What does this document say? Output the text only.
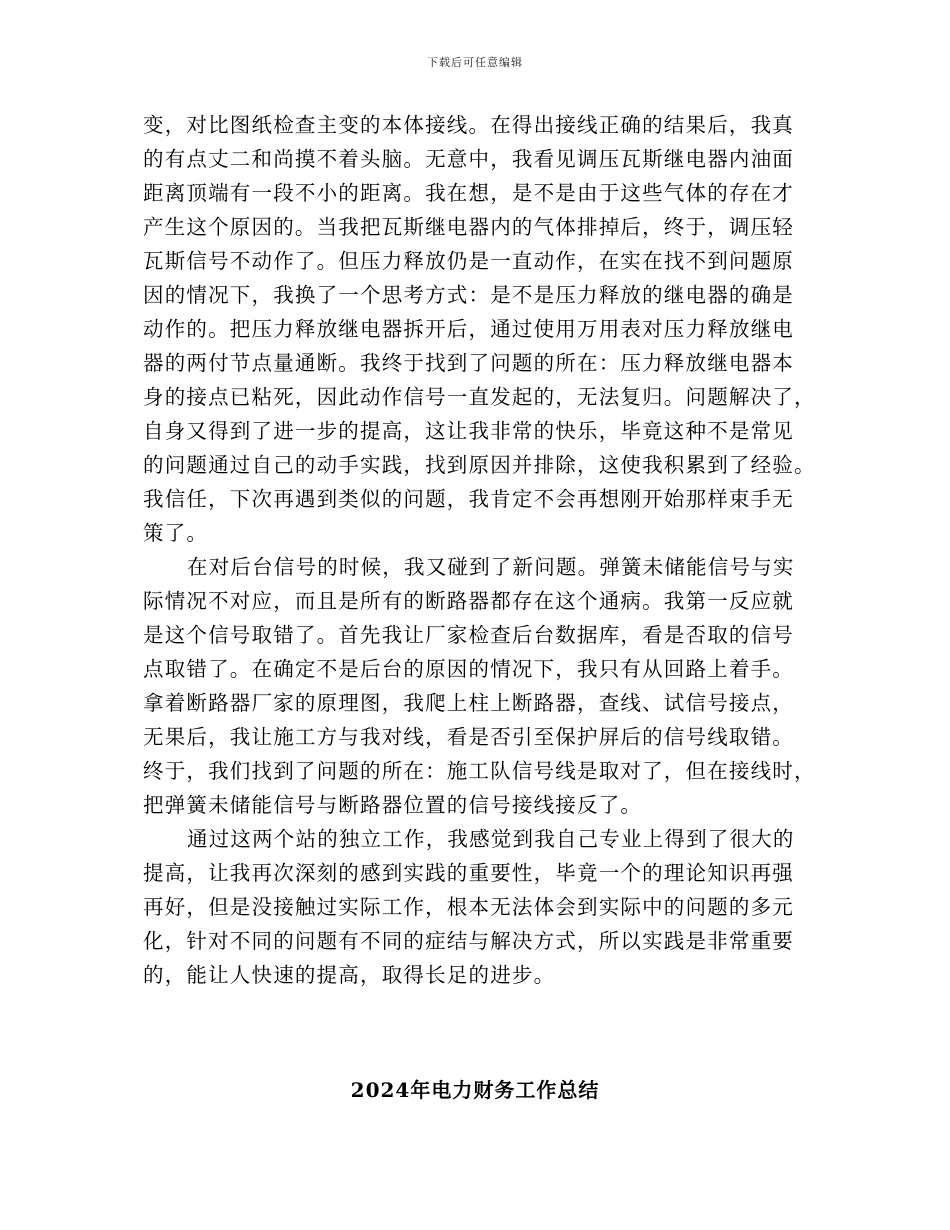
下载后可任意编辑
变，对比图纸检查主变的本体接线。在得出接线正确的结果后，我真
的有点丈二和尚摸不着头脑。无意中，我看见调压瓦斯继电器内油面
距离顶端有一段不小的距离。我在想，是不是由于这些气体的存在才
产生这个原因的。当我把瓦斯继电器内的气体排掉后，终于，调压轻
瓦斯信号不动作了。但压力释放仍是一直动作，在实在找不到问题原
因的情况下，我换了一个思考方式：是不是压力释放的继电器的确是
动作的。把压力释放继电器拆开后，通过使用万用表对压力释放继电
器的两付节点量通断。我终于找到了问题的所在：压力释放继电器本
身的接点已粘死，因此动作信号一直发起的，无法复归。问题解决了，
自身又得到了进一步的提高，这让我非常的快乐，毕竟这种不是常见
的问题通过自己的动手实践，找到原因并排除，这使我积累到了经验。
我信任，下次再遇到类似的问题，我肯定不会再想刚开始那样束手无
策了。
在对后台信号的时候，我又碰到了新问题。弹簧未储能信号与实
际情况不对应，而且是所有的断路器都存在这个通病。我第一反应就
是这个信号取错了。首先我让厂家检查后台数据库，看是否取的信号
点取错了。在确定不是后台的原因的情况下，我只有从回路上着手。
拿着断路器厂家的原理图，我爬上柱上断路器，查线、试信号接点，
无果后，我让施工方与我对线，看是否引至保护屏后的信号线取错。
终于，我们找到了问题的所在：施工队信号线是取对了，但在接线时，
把弹簧未储能信号与断路器位置的信号接线接反了。
通过这两个站的独立工作，我感觉到我自己专业上得到了很大的
提高，让我再次深刻的感到实践的重要性，毕竟一个的理论知识再强
再好，但是没接触过实际工作，根本无法体会到实际中的问题的多元
化，针对不同的问题有不同的症结与解决方式，所以实践是非常重要
的，能让人快速的提高，取得长足的进步。
2024年电力财务工作总结
